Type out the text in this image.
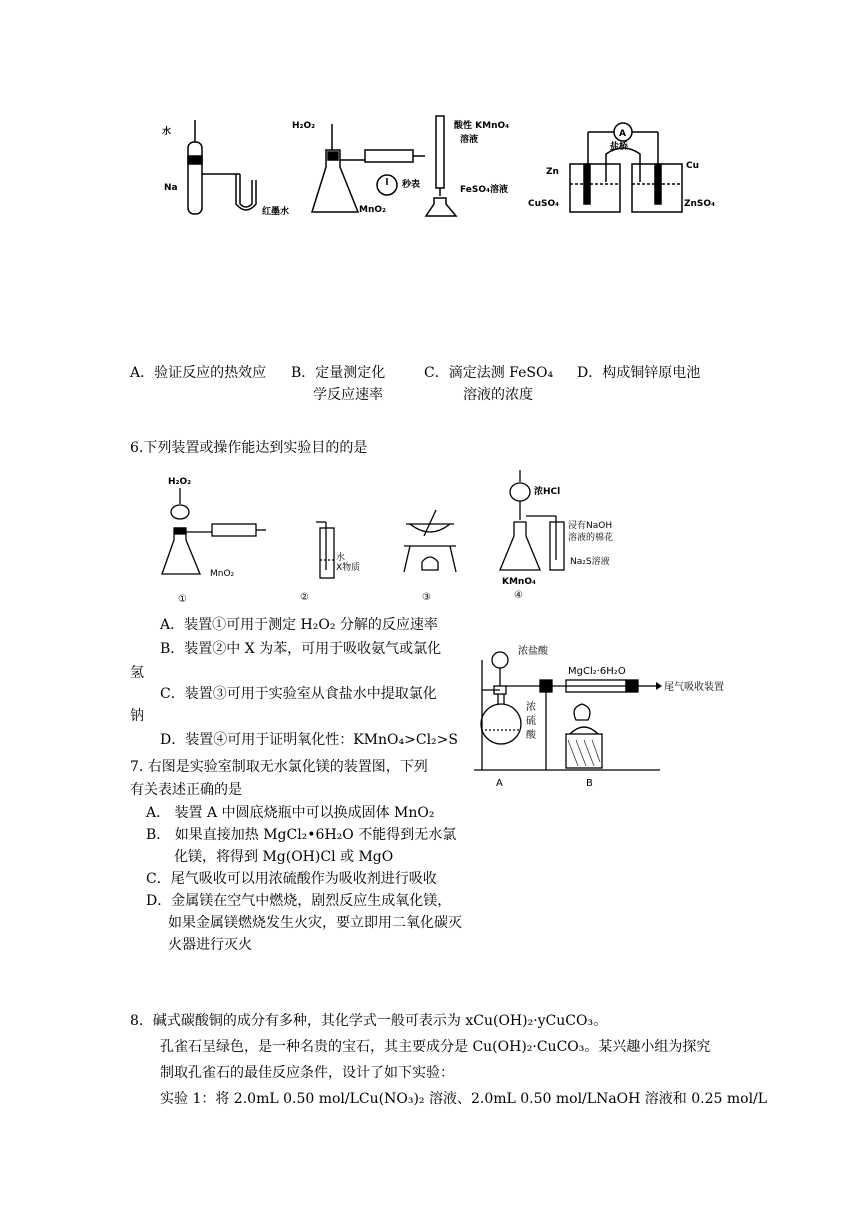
水
Na
红墨水
H₂O₂
MnO₂
秒表
酸性 KMnO₄
溶液
FeSO₄溶液
A
盐桥
Zn
Cu
CuSO₄	ZnSO₄
A．验证反应的热效应 B．定量测定化
学反应速率
C．滴定法测 FeSO₄
溶液的浓度
D．构成铜锌原电池
6.下列装置或操作能达到实验目的的是
H₂O₂
MnO₂
①
水
X物质
②	③
浓HCl
浸有NaOH
溶液的棉花
Na₂S溶液
KMnO₄
④
A．装置①可用于测定 H₂O₂ 分解的反应速率
B．装置②中 X 为苯，可用于吸收氨气或氯化
氢
C．装置③可用于实验室从食盐水中提取氯化
钠
D．装置④可用于证明氧化性：KMnO₄>Cl₂>S
浓盐酸
MgCl₂·6H₂O
尾气吸收装置
浓
硫
酸
A	B
7. 右图是实验室制取无水氯化镁的装置图，下列
有关表述正确的是
A． 装置 A 中圆底烧瓶中可以换成固体 MnO₂
B． 如果直接加热 MgCl₂•6H₂O 不能得到无水氯
化镁，将得到 Mg(OH)Cl 或 MgO
C．尾气吸收可以用浓硫酸作为吸收剂进行吸收
D．金属镁在空气中燃烧，剧烈反应生成氧化镁，
如果金属镁燃烧发生火灾，要立即用二氧化碳灭
火器进行灭火
8．碱式碳酸铜的成分有多种，其化学式一般可表示为 xCu(OH)₂·yCuCO₃。
孔雀石呈绿色，是一种名贵的宝石，其主要成分是 Cu(OH)₂·CuCO₃。某兴趣小组为探究
制取孔雀石的最佳反应条件，设计了如下实验：
实验 1：将 2.0mL 0.50 mol/LCu(NO₃)₂ 溶液、2.0mL 0.50 mol/LNaOH 溶液和 0.25 mol/L
